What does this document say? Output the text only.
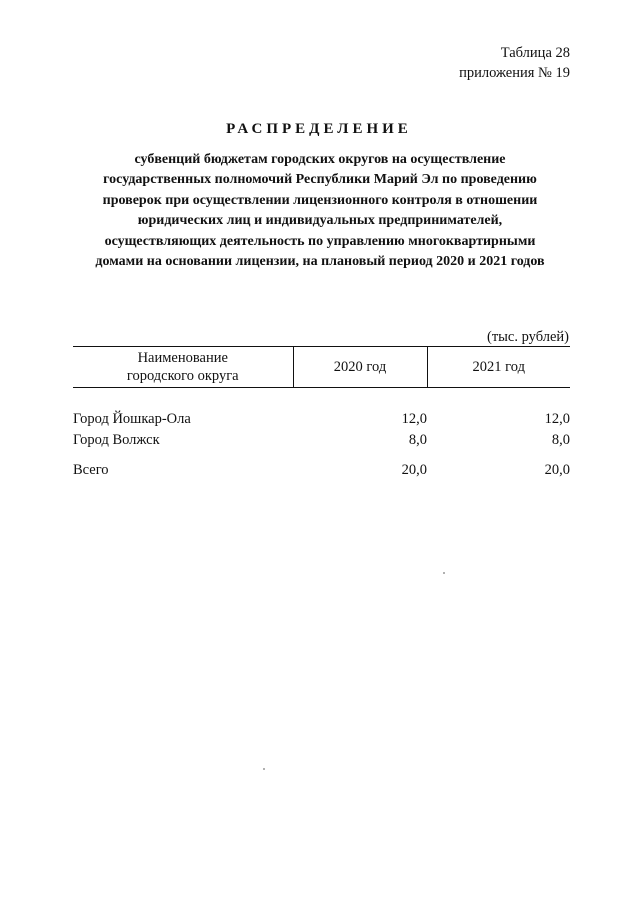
Таблица 28
приложения № 19
РАСПРЕДЕЛЕНИЕ
субвенций бюджетам городских округов на осуществление
государственных полномочий Республики Марий Эл по проведению
проверок при осуществлении лицензионного контроля в отношении
юридических лиц и индивидуальных предпринимателей,
осуществляющих деятельность по управлению многоквартирными
домами на основании лицензии, на плановый период 2020 и 2021 годов
(тыс. рублей)
Наименование
городского округа	2020 год	2021 год

Город Йошкар-Ола	12,0	12,0
Город Волжск	8,0	8,0

Всего	20,0	20,0
